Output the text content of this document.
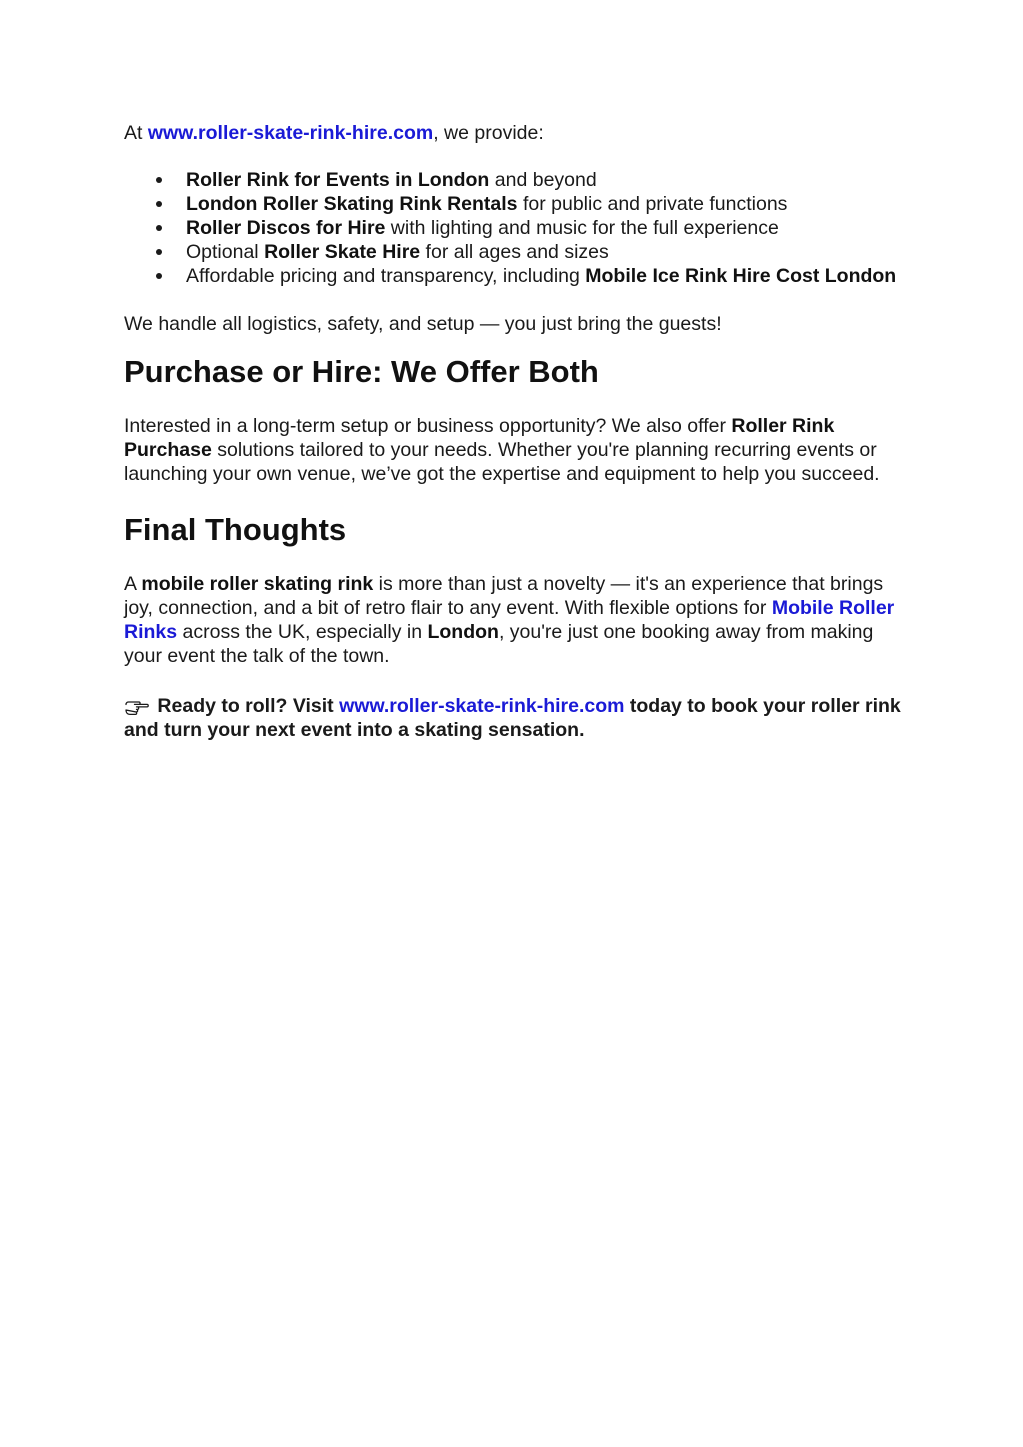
At www.roller-skate-rink-hire.com, we provide:

Roller Rink for Events in London and beyond
London Roller Skating Rink Rentals for public and private functions
Roller Discos for Hire with lighting and music for the full experience
Optional Roller Skate Hire for all ages and sizes
Affordable pricing and transparency, including Mobile Ice Rink Hire Cost London

We handle all logistics, safety, and setup — you just bring the guests!

Purchase or Hire: We Offer Both

Interested in a long-term setup or business opportunity? We also offer Roller Rink Purchase solutions tailored to your needs. Whether you're planning recurring events or launching your own venue, we’ve got the expertise and equipment to help you succeed.

Final Thoughts

A mobile roller skating rink is more than just a novelty — it's an experience that brings joy, connection, and a bit of retro flair to any event. With flexible options for Mobile Roller Rinks across the UK, especially in London, you're just one booking away from making your event the talk of the town.

Ready to roll? Visit www.roller-skate-rink-hire.com today to book your roller rink and turn your next event into a skating sensation.
